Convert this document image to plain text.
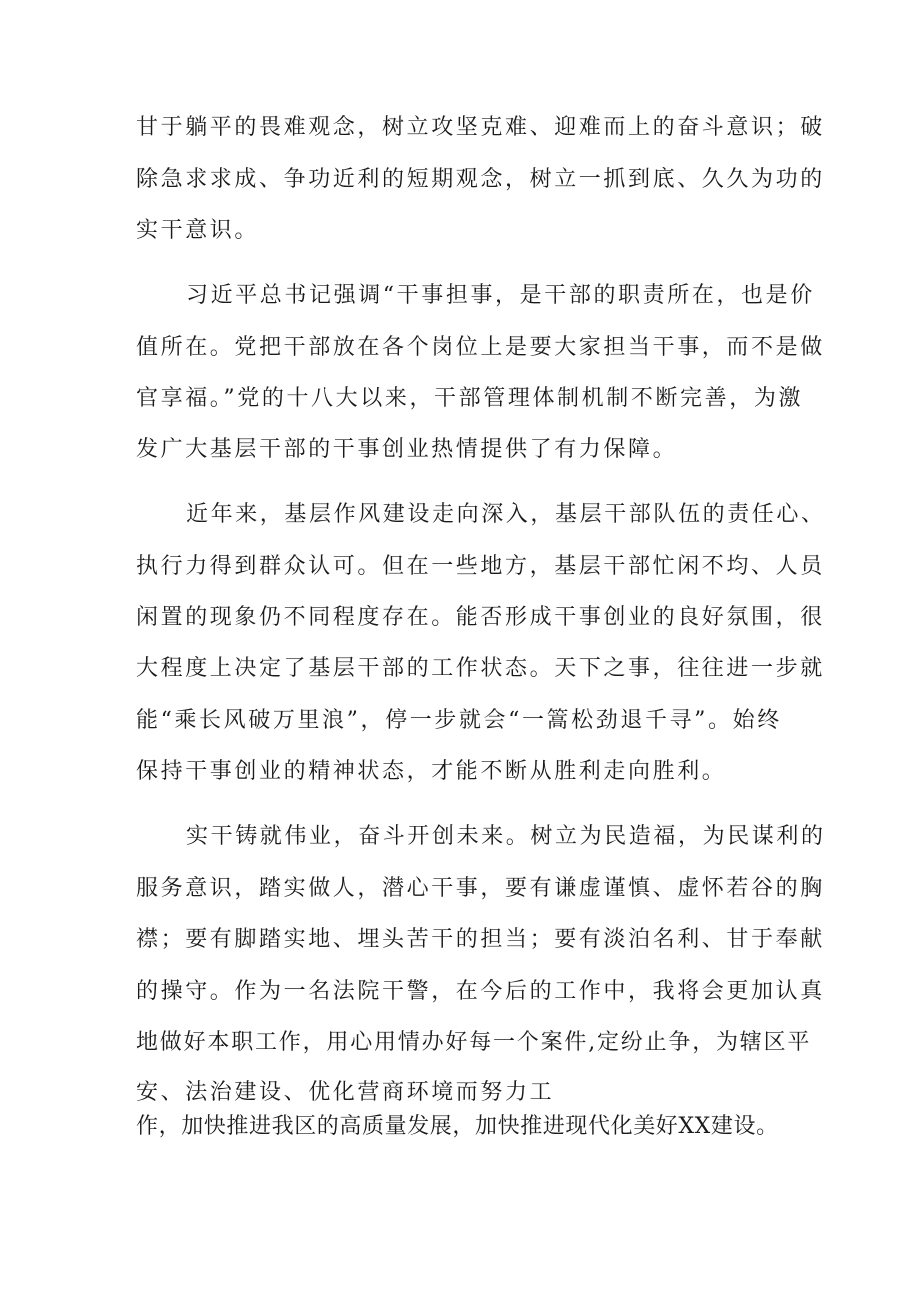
甘于躺平的畏难观念，树立攻坚克难、迎难而上的奋斗意识；破
除急求求成、争功近利的短期观念，树立一抓到底、久久为功的
实干意识。
习近平总书记强调“干事担事，是干部的职责所在，也是价
值所在。党把干部放在各个岗位上是要大家担当干事，而不是做
官享福。”党的十八大以来，干部管理体制机制不断完善，为激
发广大基层干部的干事创业热情提供了有力保障。
近年来，基层作风建设走向深入，基层干部队伍的责任心、
执行力得到群众认可。但在一些地方，基层干部忙闲不均、人员
闲置的现象仍不同程度存在。能否形成干事创业的良好氛围，很
大程度上决定了基层干部的工作状态。天下之事，往往进一步就
能“乘长风破万里浪”，停一步就会“一篙松劲退千寻”。始终
保持干事创业的精神状态，才能不断从胜利走向胜利。
实干铸就伟业，奋斗开创未来。树立为民造福，为民谋利的
服务意识，踏实做人，潜心干事，要有谦虚谨慎、虚怀若谷的胸
襟；要有脚踏实地、埋头苦干的担当；要有淡泊名利、甘于奉献
的操守。作为一名法院干警，在今后的工作中，我将会更加认真
地做好本职工作，用心用情办好每一个案件,定纷止争，为辖区平
安、法治建设、优化营商环境而努力工
作，加快推进我区的高质量发展，加快推进现代化美好XX建设。
